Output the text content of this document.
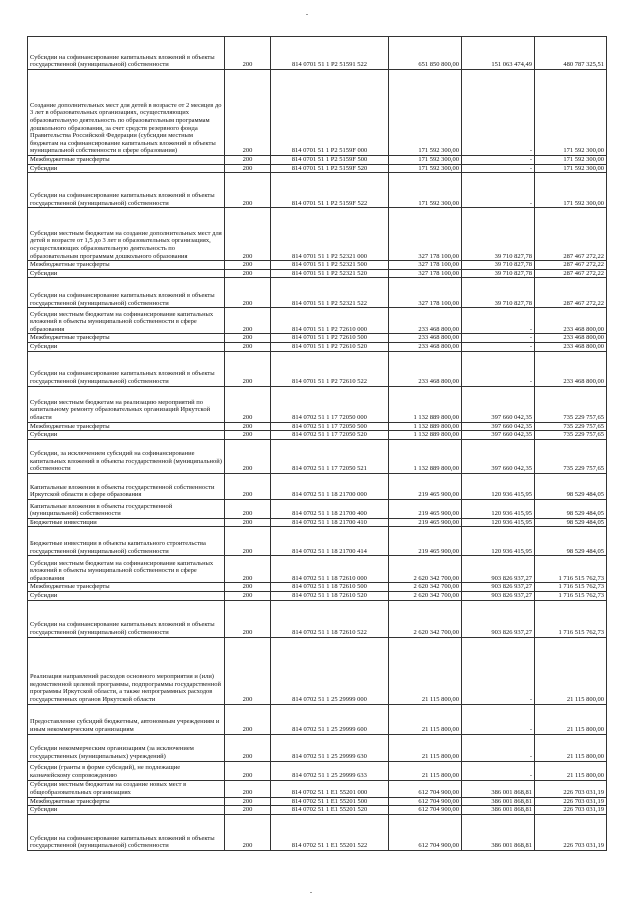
Субсидии на софинансирование капитальных вложений в объекты государственной (муниципальной) собственности	200	814 0701 51 1 Р2 51591 522	651 850 800,00	151 063 474,49	480 787 325,51
Создание дополнительных мест для детей в возрасте от 2 месяцев до 3 лет в образовательных организациях, осуществляющих образовательную деятельность по образовательным программам дошкольного образования, за счет средств резервного фонда Правительства Российской Федерации (субсидии местным бюджетам на софинансирование капитальных вложений в объекты муниципальной собственности в сфере образования)	200	814 0701 51 1 Р2 5159F 000	171 592 300,00	-	171 592 300,00
Межбюджетные трансферты	200	814 0701 51 1 Р2 5159F 500	171 592 300,00	-	171 592 300,00
Субсидии	200	814 0701 51 1 Р2 5159F 520	171 592 300,00	-	171 592 300,00
Субсидии на софинансирование капитальных вложений в объекты государственной (муниципальной) собственности	200	814 0701 51 1 Р2 5159F 522	171 592 300,00	-	171 592 300,00
Субсидии местным бюджетам на создание дополнительных мест для детей в возрасте от 1,5 до 3 лет в образовательных организациях, осуществляющих образовательную деятельность по образовательным программам дошкольного образования	200	814 0701 51 1 Р2 52321 000	327 178 100,00	39 710 827,78	287 467 272,22
Межбюджетные трансферты	200	814 0701 51 1 Р2 52321 500	327 178 100,00	39 710 827,78	287 467 272,22
Субсидии	200	814 0701 51 1 Р2 52321 520	327 178 100,00	39 710 827,78	287 467 272,22
Субсидии на софинансирование капитальных вложений в объекты государственной (муниципальной) собственности	200	814 0701 51 1 Р2 52321 522	327 178 100,00	39 710 827,78	287 467 272,22
Субсидии местным бюджетам на софинансирование капитальных вложений в объекты муниципальной собственности в сфере образования	200	814 0701 51 1 Р2 72610 000	233 468 800,00	-	233 468 800,00
Межбюджетные трансферты	200	814 0701 51 1 Р2 72610 500	233 468 800,00	-	233 468 800,00
Субсидии	200	814 0701 51 1 Р2 72610 520	233 468 800,00	-	233 468 800,00
Субсидии на софинансирование капитальных вложений в объекты государственной (муниципальной) собственности	200	814 0701 51 1 Р2 72610 522	233 468 800,00	-	233 468 800,00
Субсидии местным бюджетам на реализацию мероприятий по капитальному ремонту образовательных организаций Иркутской области	200	814 0702 51 1 17 72050 000	1 132 889 800,00	397 660 042,35	735 229 757,65
Межбюджетные трансферты	200	814 0702 51 1 17 72050 500	1 132 889 800,00	397 660 042,35	735 229 757,65
Субсидии	200	814 0702 51 1 17 72050 520	1 132 889 800,00	397 660 042,35	735 229 757,65
Субсидии, за исключением субсидий на софинансирование капитальных вложений в объекты государственной (муниципальной) собственности	200	814 0702 51 1 17 72050 521	1 132 889 800,00	397 660 042,35	735 229 757,65
Капитальные вложения в объекты государственной собственности Иркутской области в сфере образования	200	814 0702 51 1 18 21700 000	219 465 900,00	120 936 415,95	98 529 484,05
Капитальные вложения в объекты государственной (муниципальной) собственности	200	814 0702 51 1 18 21700 400	219 465 900,00	120 936 415,95	98 529 484,05
Бюджетные инвестиции	200	814 0702 51 1 18 21700 410	219 465 900,00	120 936 415,95	98 529 484,05
Бюджетные инвестиции в объекты капитального строительства государственной (муниципальной) собственности	200	814 0702 51 1 18 21700 414	219 465 900,00	120 936 415,95	98 529 484,05
Субсидии местным бюджетам на софинансирование капитальных вложений в объекты муниципальной собственности в сфере образования	200	814 0702 51 1 18 72610 000	2 620 342 700,00	903 826 937,27	1 716 515 762,73
Межбюджетные трансферты	200	814 0702 51 1 18 72610 500	2 620 342 700,00	903 826 937,27	1 716 515 762,73
Субсидии	200	814 0702 51 1 18 72610 520	2 620 342 700,00	903 826 937,27	1 716 515 762,73
Субсидии на софинансирование капитальных вложений в объекты государственной (муниципальной) собственности	200	814 0702 51 1 18 72610 522	2 620 342 700,00	903 826 937,27	1 716 515 762,73
Реализация направлений расходов основного мероприятия и (или) ведомственной целевой программы, подпрограммы государственной программы Иркутской области, а также непрограммных расходов государственных органов Иркутской области	200	814 0702 51 1 25 29999 000	21 115 800,00	-	21 115 800,00
Предоставление субсидий бюджетным, автономным учреждениям и иным некоммерческим организациям	200	814 0702 51 1 25 29999 600	21 115 800,00	-	21 115 800,00
Субсидии некоммерческим организациям (за исключением государственных (муниципальных) учреждений)	200	814 0702 51 1 25 29999 630	21 115 800,00	-	21 115 800,00
Субсидии (гранты в форме субсидий), не подлежащие казначейскому сопровождению	200	814 0702 51 1 25 29999 633	21 115 800,00	-	21 115 800,00
Субсидии местным бюджетам на создание новых мест в общеобразовательных организациях	200	814 0702 51 1 E1 55201 000	612 704 900,00	386 001 868,81	226 703 031,19
Межбюджетные трансферты	200	814 0702 51 1 E1 55201 500	612 704 900,00	386 001 868,81	226 703 031,19
Субсидии	200	814 0702 51 1 E1 55201 520	612 704 900,00	386 001 868,81	226 703 031,19
Субсидии на софинансирование капитальных вложений в объекты государственной (муниципальной) собственности	200	814 0702 51 1 E1 55201 522	612 704 900,00	386 001 868,81	226 703 031,19
